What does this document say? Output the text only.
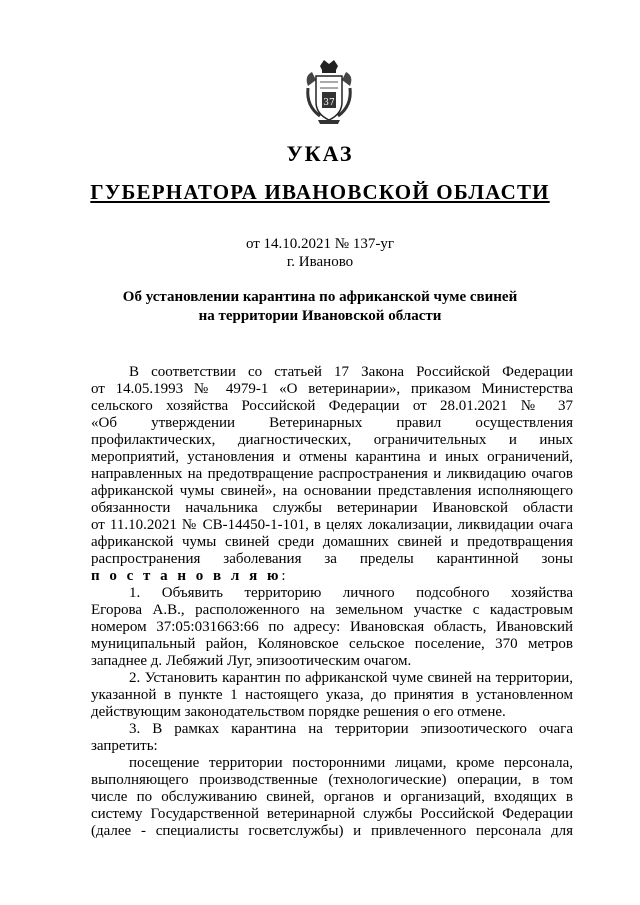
37
УКАЗ
ГУБЕРНАТОРА ИВАНОВСКОЙ ОБЛАСТИ
от 14.10.2021 № 137-уг
г. Иваново
Об установлении карантина по африканской чуме свиней
на территории Ивановской области
В соответствии со статьей 17 Закона Российской Федерации
от 14.05.1993 № 4979-1 «О ветеринарии», приказом Министерства
сельского хозяйства Российской Федерации от 28.01.2021 № 37
«Об утверждении Ветеринарных правил осуществления
профилактических, диагностических, ограничительных и иных
мероприятий, установления и отмены карантина и иных ограничений,
направленных на предотвращение распространения и ликвидацию очагов
африканской чумы свиней», на основании представления исполняющего
обязанности начальника службы ветеринарии Ивановской области
от 11.10.2021 № СВ-14450-1-101, в целях локализации, ликвидации очага
африканской чумы свиней среди домашних свиней и предотвращения
распространения заболевания за пределы карантинной зоны
п о с т а н о в л я ю:
1. Объявить территорию личного подсобного хозяйства
Егорова А.В., расположенного на земельном участке с кадастровым
номером 37:05:031663:66 по адресу: Ивановская область, Ивановский
муниципальный район, Коляновское сельское поселение, 370 метров
западнее д. Лебяжий Луг, эпизоотическим очагом.
2. Установить карантин по африканской чуме свиней на территории,
указанной в пункте 1 настоящего указа, до принятия в установленном
действующим законодательством порядке решения о его отмене.
3. В рамках карантина на территории эпизоотического очага
запретить:
посещение территории посторонними лицами, кроме персонала,
выполняющего производственные (технологические) операции, в том
числе по обслуживанию свиней, органов и организаций, входящих в
систему Государственной ветеринарной службы Российской Федерации
(далее - специалисты госветслужбы) и привлеченного персонала для
